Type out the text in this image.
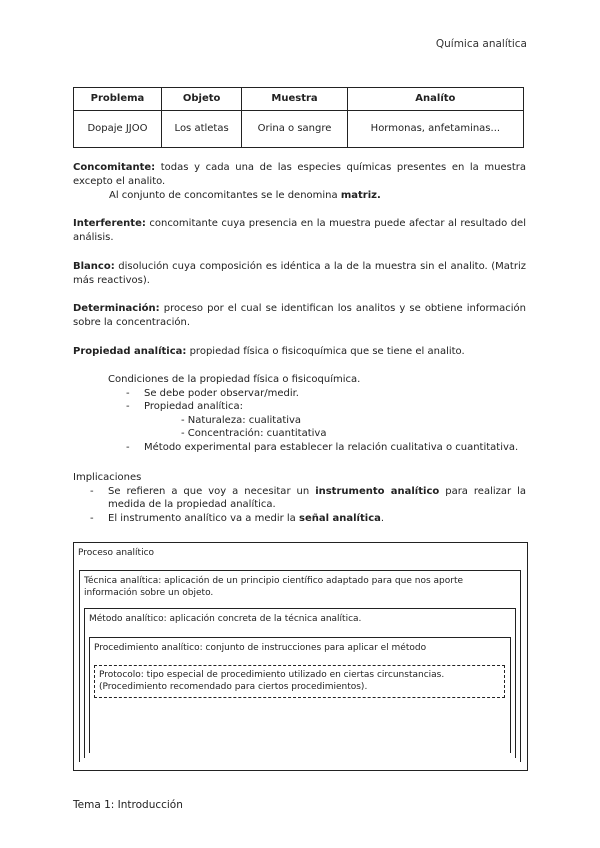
Química analítica
Problema	Objeto	Muestra	Analíto
Dopaje JJOO	Los atletas	Orina o sangre	Hormonas, anfetaminas...
Concomitante: todas y cada una de las especies químicas presentes en la muestra excepto el analito.
Al conjunto de concomitantes se le denomina matriz.
Interferente: concomitante cuya presencia en la muestra puede afectar al resultado del análisis.
Blanco: disolución cuya composición es idéntica a la de la muestra sin el analito. (Matriz más reactivos).
Determinación: proceso por el cual se identifican los analitos y se obtiene información sobre la concentración.
Propiedad analítica: propiedad física o fisicoquímica que se tiene el analito.
Condiciones de la propiedad física o fisicoquímica.
- Se debe poder observar/medir.
- Propiedad analítica:
- Naturaleza: cualitativa
- Concentración: cuantitativa
- Método experimental para establecer la relación cualitativa o cuantitativa.
Implicaciones
- Se refieren a que voy a necesitar un instrumento analítico para realizar la medida de la propiedad analítica.
- El instrumento analítico va a medir la señal analítica.
Proceso analítico
Técnica analítica: aplicación de un principio científico adaptado para que nos aporte información sobre un objeto.
Método analítico: aplicación concreta de la técnica analítica.
Procedimiento analítico: conjunto de instrucciones para aplicar el método
Protocolo: tipo especial de procedimiento utilizado en ciertas circunstancias. (Procedimiento recomendado para ciertos procedimientos).
Tema 1: Introducción
